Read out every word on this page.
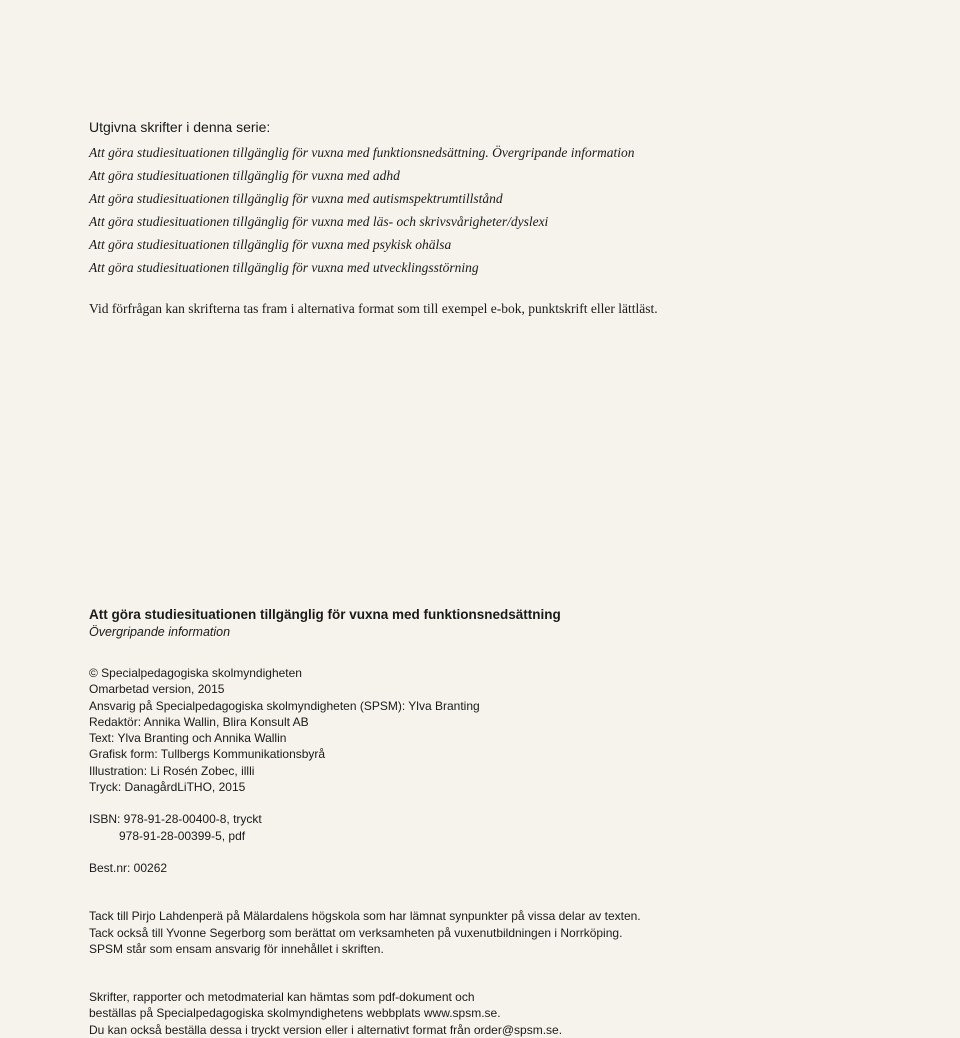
Utgivna skrifter i denna serie:
Att göra studiesituationen tillgänglig för vuxna med funktionsnedsättning. Övergripande information
Att göra studiesituationen tillgänglig för vuxna med adhd
Att göra studiesituationen tillgänglig för vuxna med autismspektrumtillstånd
Att göra studiesituationen tillgänglig för vuxna med läs- och skrivsvårigheter/dyslexi
Att göra studiesituationen tillgänglig för vuxna med psykisk ohälsa
Att göra studiesituationen tillgänglig för vuxna med utvecklingsstörning
Vid förfrågan kan skrifterna tas fram i alternativa format som till exempel e-bok, punktskrift eller lättläst.
Att göra studiesituationen tillgänglig för vuxna med funktionsnedsättning
Övergripande information
© Specialpedagogiska skolmyndigheten
Omarbetad version, 2015
Ansvarig på Specialpedagogiska skolmyndigheten (SPSM): Ylva Branting
Redaktör: Annika Wallin, Blira Konsult AB
Text: Ylva Branting och Annika Wallin
Grafisk form: Tullbergs Kommunikationsbyrå
Illustration: Li Rosén Zobec, illli
Tryck: DanagårdLiTHO, 2015
ISBN: 978-91-28-00400-8, tryckt
978-91-28-00399-5, pdf
Best.nr: 00262
Tack till Pirjo Lahdenperä på Mälardalens högskola som har lämnat synpunkter på vissa delar av texten.
Tack också till Yvonne Segerborg som berättat om verksamheten på vuxenutbildningen i Norrköping.
SPSM står som ensam ansvarig för innehållet i skriften.
Skrifter, rapporter och metodmaterial kan hämtas som pdf-dokument och
beställas på Specialpedagogiska skolmyndighetens webbplats www.spsm.se.
Du kan också beställa dessa i tryckt version eller i alternativt format från order@spsm.se.
